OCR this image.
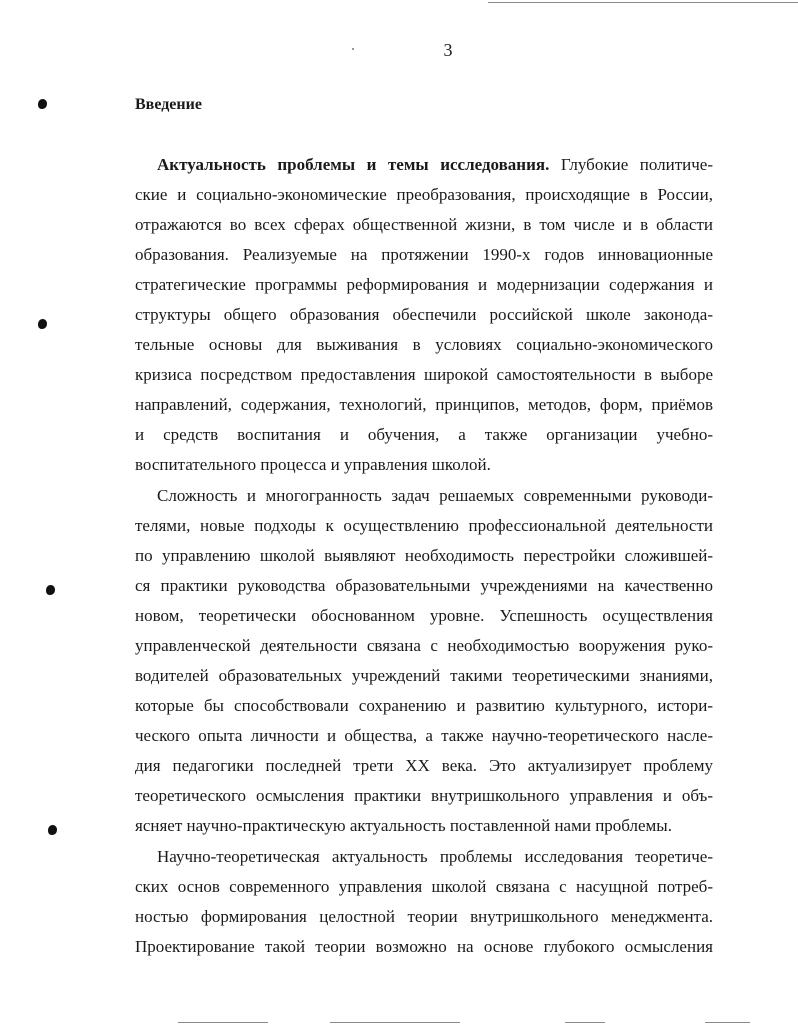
3
Введение
Актуальность проблемы и темы исследования. Глубокие политиче-
ские и социально-экономические преобразования, происходящие в России,
отражаются во всех сферах общественной жизни, в том числе и в области
образования. Реализуемые на протяжении 1990-х годов инновационные
стратегические программы реформирования и модернизации содержания и
структуры общего образования обеспечили российской школе законода-
тельные основы для выживания в условиях социально-экономического
кризиса посредством предоставления широкой самостоятельности в выборе
направлений, содержания, технологий, принципов, методов, форм, приёмов
и средств воспитания и обучения, а также организации учебно-
воспитательного процесса и управления школой.
Сложность и многогранность задач решаемых современными руководи-
телями, новые подходы к осуществлению профессиональной деятельности
по управлению школой выявляют необходимость перестройки сложившей-
ся практики руководства образовательными учреждениями на качественно
новом, теоретически обоснованном уровне. Успешность осуществления
управленческой деятельности связана с необходимостью вооружения руко-
водителей образовательных учреждений такими теоретическими знаниями,
которые бы способствовали сохранению и развитию культурного, истори-
ческого опыта личности и общества, а также научно-теоретического насле-
дия педагогики последней трети XX века. Это актуализирует проблему
теоретического осмысления практики внутришкольного управления и объ-
ясняет научно-практическую актуальность поставленной нами проблемы.
Научно-теоретическая актуальность проблемы исследования теоретиче-
ских основ современного управления школой связана с насущной потреб-
ностью формирования целостной теории внутришкольного менеджмента.
Проектирование такой теории возможно на основе глубокого осмысления
